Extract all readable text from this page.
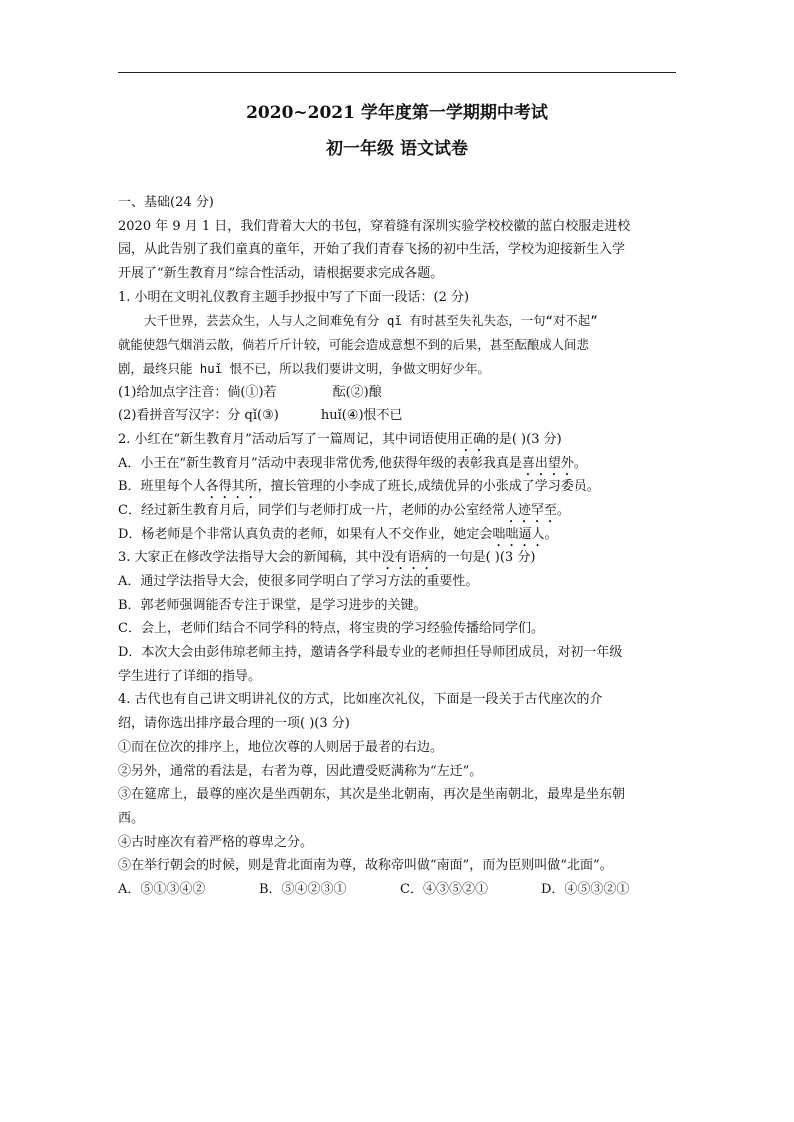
2020~2021 学年度第一学期期中考试
初一年级 语文试卷
一、基础(24 分)
2020 年 9 月 1 日，我们背着大大的书包，穿着缝有深圳实验学校校徽的蓝白校服走进校
园，从此告别了我们童真的童年，开始了我们青春飞扬的初中生活，学校为迎接新生入学
开展了“新生教育月”综合性活动，请根据要求完成各题。
1. 小明在文明礼仪教育主题手抄报中写了下面一段话：(2 分)
大千世界，芸芸众生，人与人之间难免有分 qǐ 有时甚至失礼失态，一句“对不起”
就能使怨气烟消云散，倘若斤斤计较，可能会造成意想不到的后果，甚至酝酿成人间悲
剧，最终只能 huǐ 恨不已，所以我们要讲文明，争做文明好少年。
(1)给加点字注音：倘(①)若	酝(②)酿
(2)看拼音写汉字：分 qǐ(③)	huǐ(④)恨不已
2. 小红在“新生教育月”活动后写了一篇周记，其中词语使用正确的是( )(3 分)
A．小王在“新生教育月”活动中表现非常优秀,他获得年级的表彰我真是喜出望外。
B．班里每个人各得其所，擅长管理的小李成了班长,成绩优异的小张成了学习委员。
C．经过新生教育月后，同学们与老师打成一片，老师的办公室经常人迹罕至。
D．杨老师是个非常认真负责的老师，如果有人不交作业，她定会咄咄逼人。
3. 大家正在修改学法指导大会的新闻稿，其中没有语病的一句是( )(3 分)
A．通过学法指导大会，使很多同学明白了学习方法的重要性。
B．郭老师强调能否专注于课堂，是学习进步的关键。
C．会上，老师们结合不同学科的特点，将宝贵的学习经验传播给同学们。
D．本次大会由彭伟琼老师主持，邀请各学科最专业的老师担任导师团成员，对初一年级
学生进行了详细的指导。
4. 古代也有自己讲文明讲礼仪的方式，比如座次礼仪，下面是一段关于古代座次的介
绍，请你选出排序最合理的一项( )(3 分)
①而在位次的排序上，地位次尊的人则居于最者的右边。
②另外，通常的看法是，右者为尊，因此遭受贬满称为“左迁”。
③在筵席上，最尊的座次是坐西朝东，其次是坐北朝南，再次是坐南朝北，最卑是坐东朝
西。
④古时座次有着严格的尊卑之分。
⑤在举行朝会的时候，则是背北面南为尊，故称帝叫做“南面”，而为臣则叫做“北面”。
A．⑤①③④②	B．⑤④②③①	C．④③⑤②①	D．④⑤③②①
